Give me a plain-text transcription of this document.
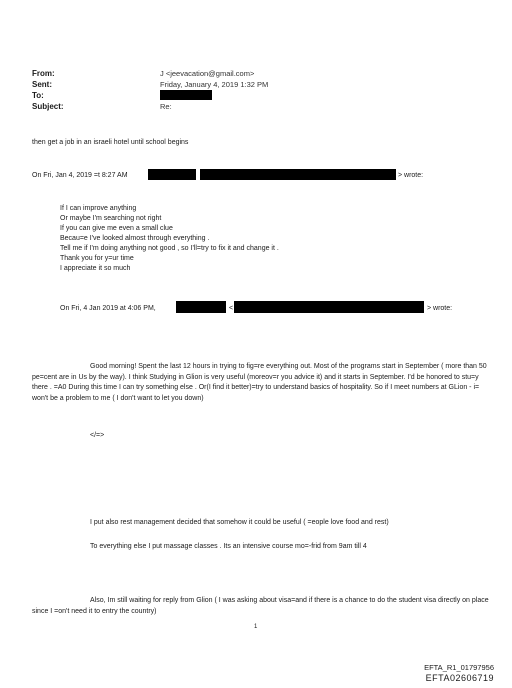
From:	J <jeevacation@gmail.com>
Sent:	Friday, January 4, 2019 1:32 PM
To:
Subject:	Re:
then get a job in an israeli hotel until school begins
On Fri, Jan 4, 2019 =t 8:27 AM	> wrote:
If I can improve anything
Or maybe I'm searching not right
If you can give me even a small clue
Becau=e I've looked almost through everything .
Tell me if I'm doing anything not good , so I'll=try to fix it and change it .
Thank you for y=ur time
I appreciate it so much
On Fri, 4 Jan 2019 at 4:06 PM,	<	> wrote:
Good morning! Spent the last 12 hours in trying to fig=re everything out. Most of the programs start in September ( more than 50 pe=cent are in Us by the way). I think Studying in Glion is very useful (moreov=r you advice it) and it starts in September. I'd be honored to stu=y there . =A0 During this time I can try something else . Or(I find it better)=try to understand basics of hospitality. So if I meet numbers at GLion - i= won't be a problem to me ( I don't want to let you down)
</=>
I put also rest management decided that somehow it could be useful ( =eople love food and rest)
To everything else I put massage classes . Its an intensive course mo=-frid from 9am till 4
Also, Im still waiting for reply from Glion ( I was asking about visa=and if there is a chance to do the student visa directly on place since I =on't need it to entry the country)
1
EFTA_R1_01797956
EFTA02606719
